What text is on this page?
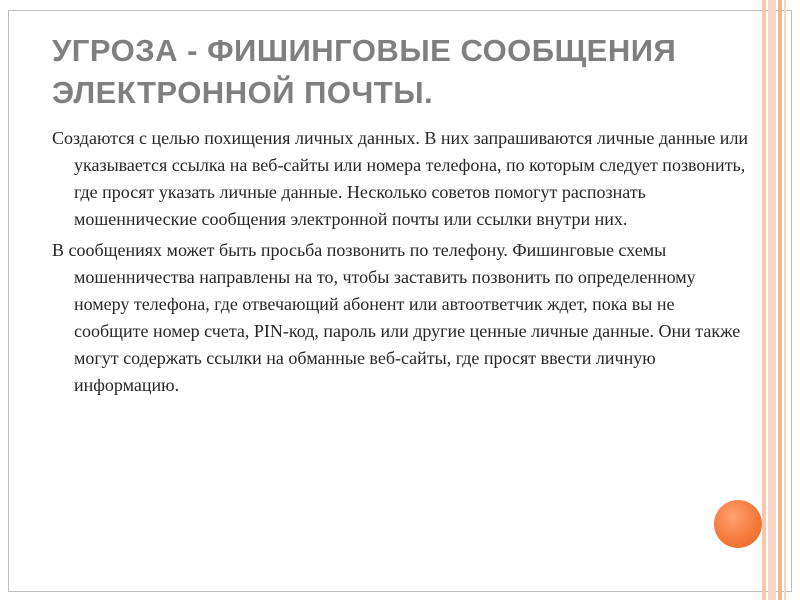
УГРОЗА - ФИШИНГОВЫЕ СООБЩЕНИЯ ЭЛЕКТРОННОЙ ПОЧТЫ.

Создаются с целью похищения личных данных. В них запрашиваются личные данные или указывается ссылка на веб-сайты или номера телефона, по которым следует позвонить, где просят указать личные данные. Несколько советов помогут распознать мошеннические сообщения электронной почты или ссылки внутри них.

В сообщениях может быть просьба позвонить по телефону. Фишинговые схемы мошенничества направлены на то, чтобы заставить позвонить по определенному номеру телефона, где отвечающий абонент или автоответчик ждет, пока вы не сообщите номер счета, PIN-код, пароль или другие ценные личные данные. Они также могут содержать ссылки на обманные веб-сайты, где просят ввести личную информацию.
